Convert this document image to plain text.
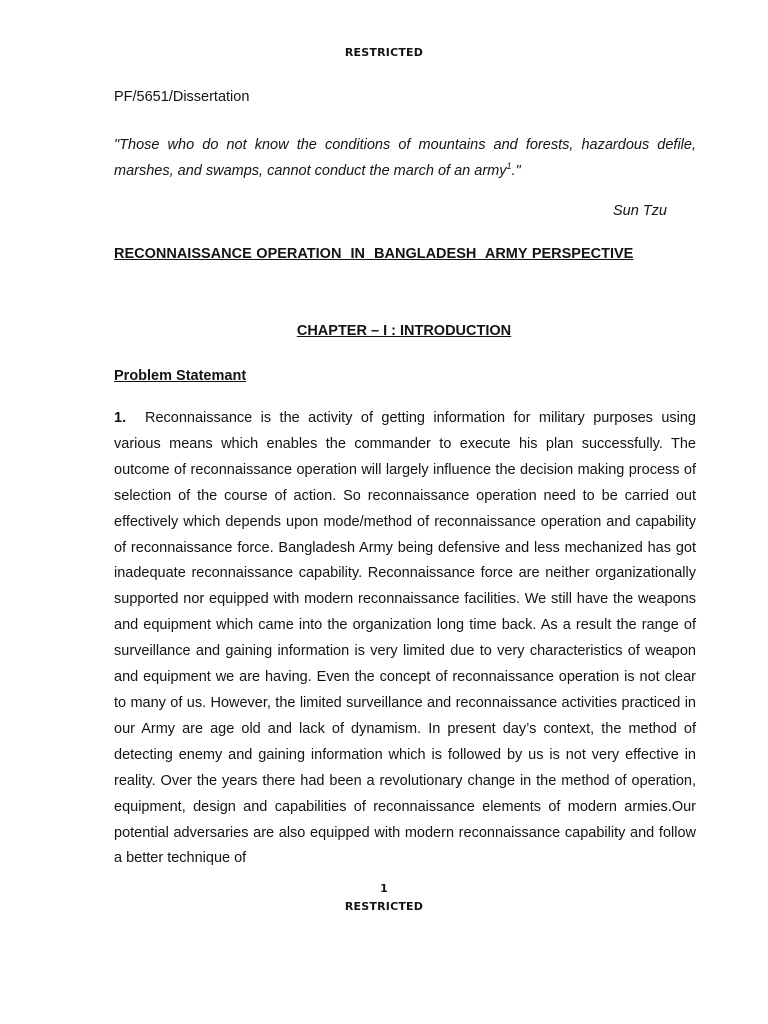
RESTRICTED
PF/5651/Dissertation
"Those who do not know the conditions of mountains and forests, hazardous defile, marshes, and swamps, cannot conduct the march of an army$^1$."
Sun Tzu
RECONNAISSANCE OPERATION  IN  BANGLADESH  ARMY PERSPECTIVE
CHAPTER – I : INTRODUCTION
Problem Statemant
1. Reconnaissance is the activity of getting information for military purposes using various means which enables the commander to execute his plan successfully. The outcome of reconnaissance operation will largely influence the decision making process of selection of the course of action. So reconnaissance operation need to be carried out effectively which depends upon mode/method of reconnaissance operation and capability of reconnaissance force. Bangladesh Army being defensive and less mechanized has got inadequate reconnaissance capability. Reconnaissance force are neither organizationally supported nor equipped with modern reconnaissance facilities. We still have the weapons and equipment which came into the organization long time back. As a result the range of surveillance and gaining information is very limited due to very characteristics of weapon and equipment we are having. Even the concept of reconnaissance operation is not clear to many of us. However, the limited surveillance and reconnaissance activities practiced in our Army are age old and lack of dynamism. In present day’s context, the method of detecting enemy and gaining information which is followed by us is not very effective in reality. Over the years there had been a revolutionary change in the method of operation, equipment, design and capabilities of reconnaissance elements of modern armies.Our potential adversaries are also equipped with modern reconnaissance capability and follow a better technique of
1
RESTRICTED
